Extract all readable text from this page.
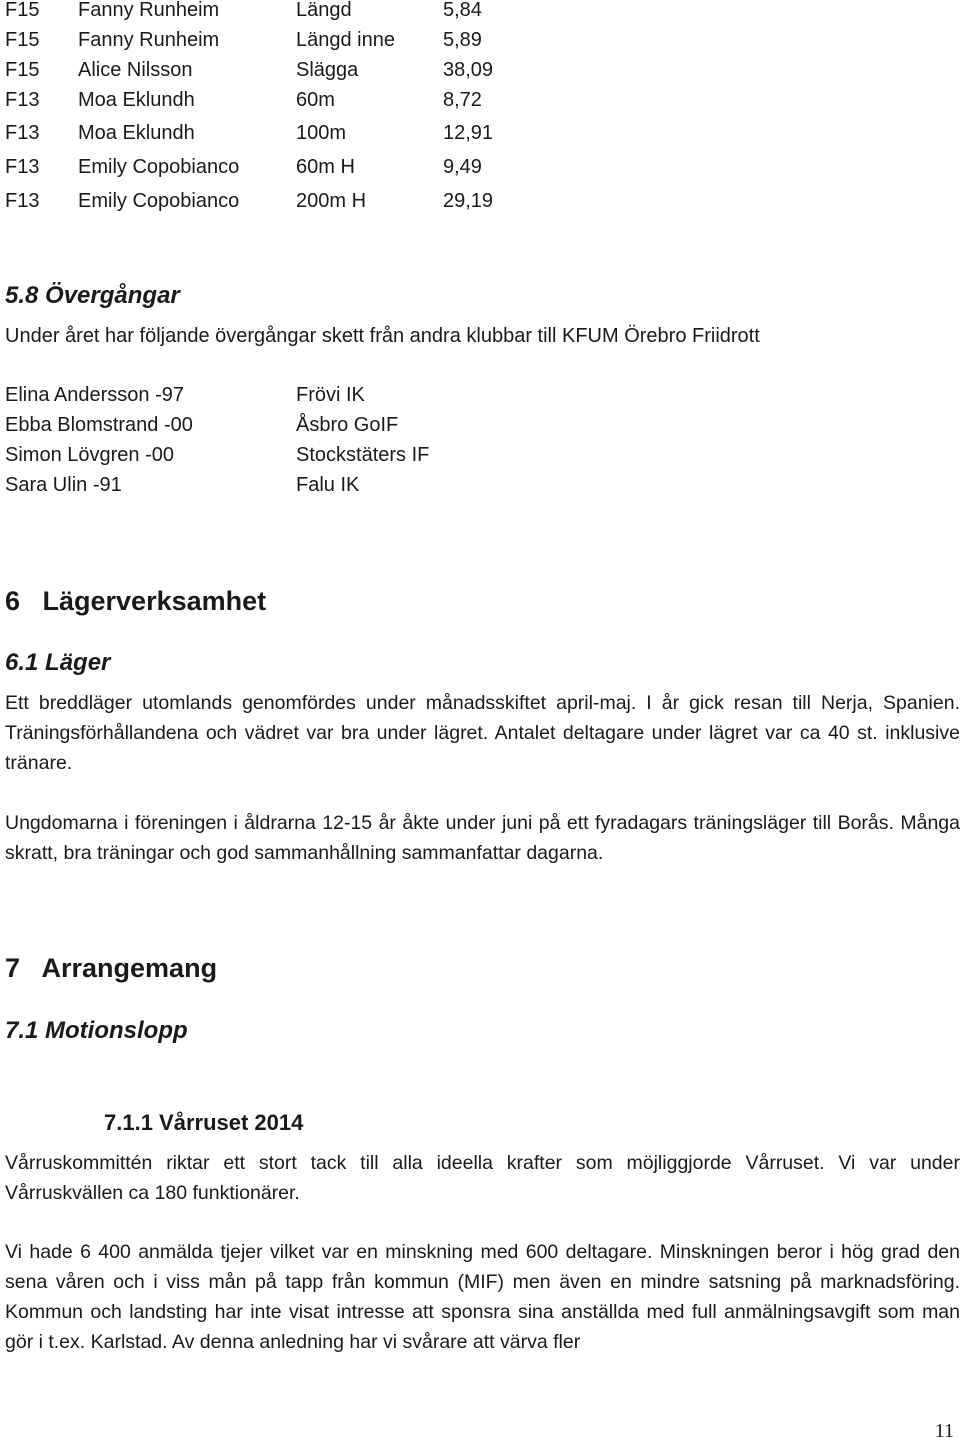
F15 Fanny Runheim	Längd	5,84
F15 Fanny Runheim	Längd inne 5,89
F15 Alice Nilsson	Slägga	38,09
F13 Moa Eklundh	60m	8,72
F13 Moa Eklundh	100m	12,91
F13 Emily Copobianco	60m H	9,49
F13 Emily Copobianco	200m H	29,19
5.8 Övergångar
Under året har följande övergångar skett från andra klubbar till KFUM Örebro Friidrott
Elina Andersson -97	Frövi IK
Ebba Blomstrand -00	Åsbro GoIF
Simon Lövgren -00	Stockstäters IF
Sara Ulin -91	Falu IK
6   Lägerverksamhet
6.1 Läger
Ett breddläger utomlands genomfördes under månadsskiftet april-maj. I år gick resan till Nerja, Spanien. Träningsförhållandena och vädret var bra under lägret. Antalet deltagare under lägret var ca 40 st. inklusive tränare.
Ungdomarna i föreningen i åldrarna 12-15 år åkte under juni på ett fyradagars träningsläger till Borås. Många skratt, bra träningar och god sammanhållning sammanfattar dagarna.
7   Arrangemang
7.1 Motionslopp
7.1.1 Vårruset 2014
Vårruskommittén riktar ett stort tack till alla ideella krafter som möjliggjorde Vårruset. Vi var under Vårruskvällen ca 180 funktionärer.
Vi hade 6 400 anmälda tjejer vilket var en minskning med 600 deltagare. Minskningen beror i hög grad den sena våren och i viss mån på tapp från kommun (MIF) men även en mindre satsning på marknadsföring. Kommun och landsting har inte visat intresse att sponsra sina anställda med full anmälningsavgift som man gör i t.ex. Karlstad. Av denna anledning har vi svårare att värva fler
11
